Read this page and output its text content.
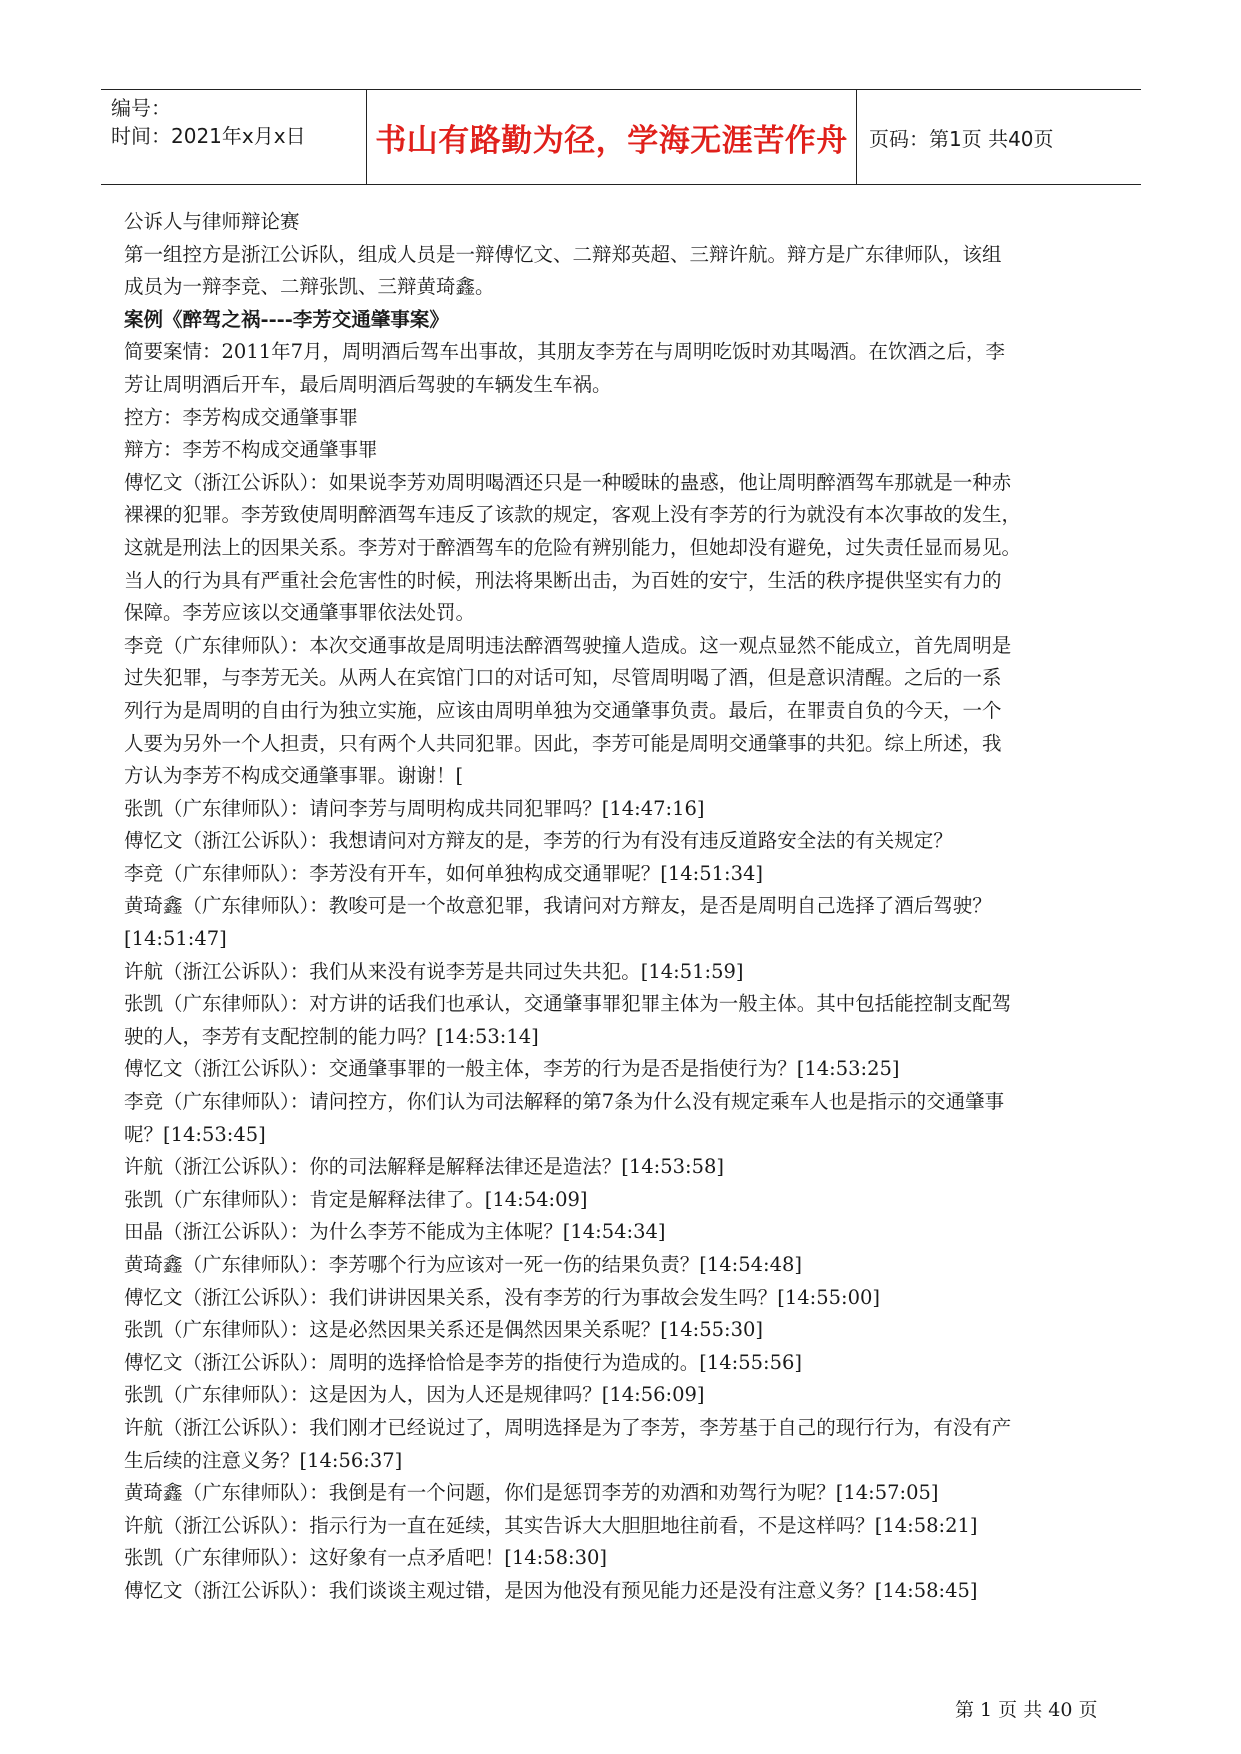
编号：
时间：2021年x月x日	书山有路勤为径，学海无涯苦作舟 页码：第1页 共40页

公诉人与律师辩论赛

第一组控方是浙江公诉队，组成人员是一辩傅忆文、二辩郑英超、三辩许航。辩方是广东律师队，该组

成员为一辩李竞、二辩张凯、三辩黄琦鑫。

案例《醉驾之祸----李芳交通肇事案》

简要案情：2011年7月，周明酒后驾车出事故，其朋友李芳在与周明吃饭时劝其喝酒。在饮酒之后，李

芳让周明酒后开车，最后周明酒后驾驶的车辆发生车祸。

控方：李芳构成交通肇事罪

辩方：李芳不构成交通肇事罪

傅忆文（浙江公诉队）：如果说李芳劝周明喝酒还只是一种暧昧的蛊惑，他让周明醉酒驾车那就是一种赤

裸裸的犯罪。李芳致使周明醉酒驾车违反了该款的规定，客观上没有李芳的行为就没有本次事故的发生，

这就是刑法上的因果关系。李芳对于醉酒驾车的危险有辨别能力，但她却没有避免，过失责任显而易见。

当人的行为具有严重社会危害性的时候，刑法将果断出击，为百姓的安宁，生活的秩序提供坚实有力的

保障。李芳应该以交通肇事罪依法处罚。

李竞（广东律师队）：本次交通事故是周明违法醉酒驾驶撞人造成。这一观点显然不能成立，首先周明是

过失犯罪，与李芳无关。从两人在宾馆门口的对话可知，尽管周明喝了酒，但是意识清醒。之后的一系

列行为是周明的自由行为独立实施，应该由周明单独为交通肇事负责。最后，在罪责自负的今天，一个

人要为另外一个人担责，只有两个人共同犯罪。因此，李芳可能是周明交通肇事的共犯。综上所述，我

方认为李芳不构成交通肇事罪。谢谢！[

张凯（广东律师队）：请问李芳与周明构成共同犯罪吗？[14:47:16]

傅忆文（浙江公诉队）：我想请问对方辩友的是，李芳的行为有没有违反道路安全法的有关规定？

李竞（广东律师队）：李芳没有开车，如何单独构成交通罪呢？[14:51:34]

黄琦鑫（广东律师队）：教唆可是一个故意犯罪，我请问对方辩友，是否是周明自己选择了酒后驾驶？

[14:51:47]

许航（浙江公诉队）：我们从来没有说李芳是共同过失共犯。[14:51:59]

张凯（广东律师队）：对方讲的话我们也承认，交通肇事罪犯罪主体为一般主体。其中包括能控制支配驾

驶的人，李芳有支配控制的能力吗？[14:53:14]

傅忆文（浙江公诉队）：交通肇事罪的一般主体，李芳的行为是否是指使行为？[14:53:25]

李竞（广东律师队）：请问控方，你们认为司法解释的第7条为什么没有规定乘车人也是指示的交通肇事

呢？[14:53:45]

许航（浙江公诉队）：你的司法解释是解释法律还是造法？[14:53:58]

张凯（广东律师队）：肯定是解释法律了。[14:54:09]

田晶（浙江公诉队）：为什么李芳不能成为主体呢？[14:54:34]

黄琦鑫（广东律师队）：李芳哪个行为应该对一死一伤的结果负责？[14:54:48]

傅忆文（浙江公诉队）：我们讲讲因果关系，没有李芳的行为事故会发生吗？[14:55:00]

张凯（广东律师队）：这是必然因果关系还是偶然因果关系呢？[14:55:30]

傅忆文（浙江公诉队）：周明的选择恰恰是李芳的指使行为造成的。[14:55:56]

张凯（广东律师队）：这是因为人，因为人还是规律吗？[14:56:09]

许航（浙江公诉队）：我们刚才已经说过了，周明选择是为了李芳，李芳基于自己的现行行为，有没有产

生后续的注意义务？[14:56:37]

黄琦鑫（广东律师队）：我倒是有一个问题，你们是惩罚李芳的劝酒和劝驾行为呢？[14:57:05]

许航（浙江公诉队）：指示行为一直在延续，其实告诉大大胆胆地往前看，不是这样吗？[14:58:21]

张凯（广东律师队）：这好象有一点矛盾吧！[14:58:30]

傅忆文（浙江公诉队）：我们谈谈主观过错，是因为他没有预见能力还是没有注意义务？[14:58:45]

第 1 页 共 40 页
